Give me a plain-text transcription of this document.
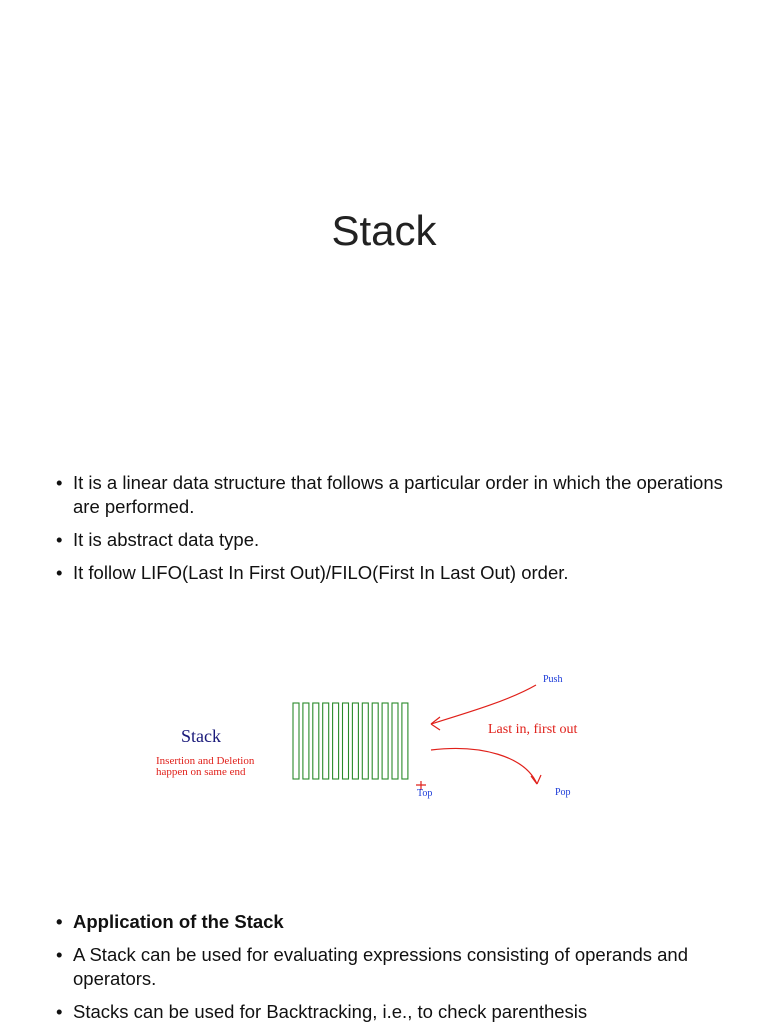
Stack
• It is a linear data structure that follows a particular order in which the operations are performed.
• It is abstract data type.
• It follow LIFO(Last In First Out)/FILO(First In Last Out) order.
Stack
Insertion and Deletion
happen on same end
Last in, first out
Push
Pop
Top
• Application of the Stack
• A Stack can be used for evaluating expressions consisting of operands and operators.
• Stacks can be used for Backtracking, i.e., to check parenthesis
